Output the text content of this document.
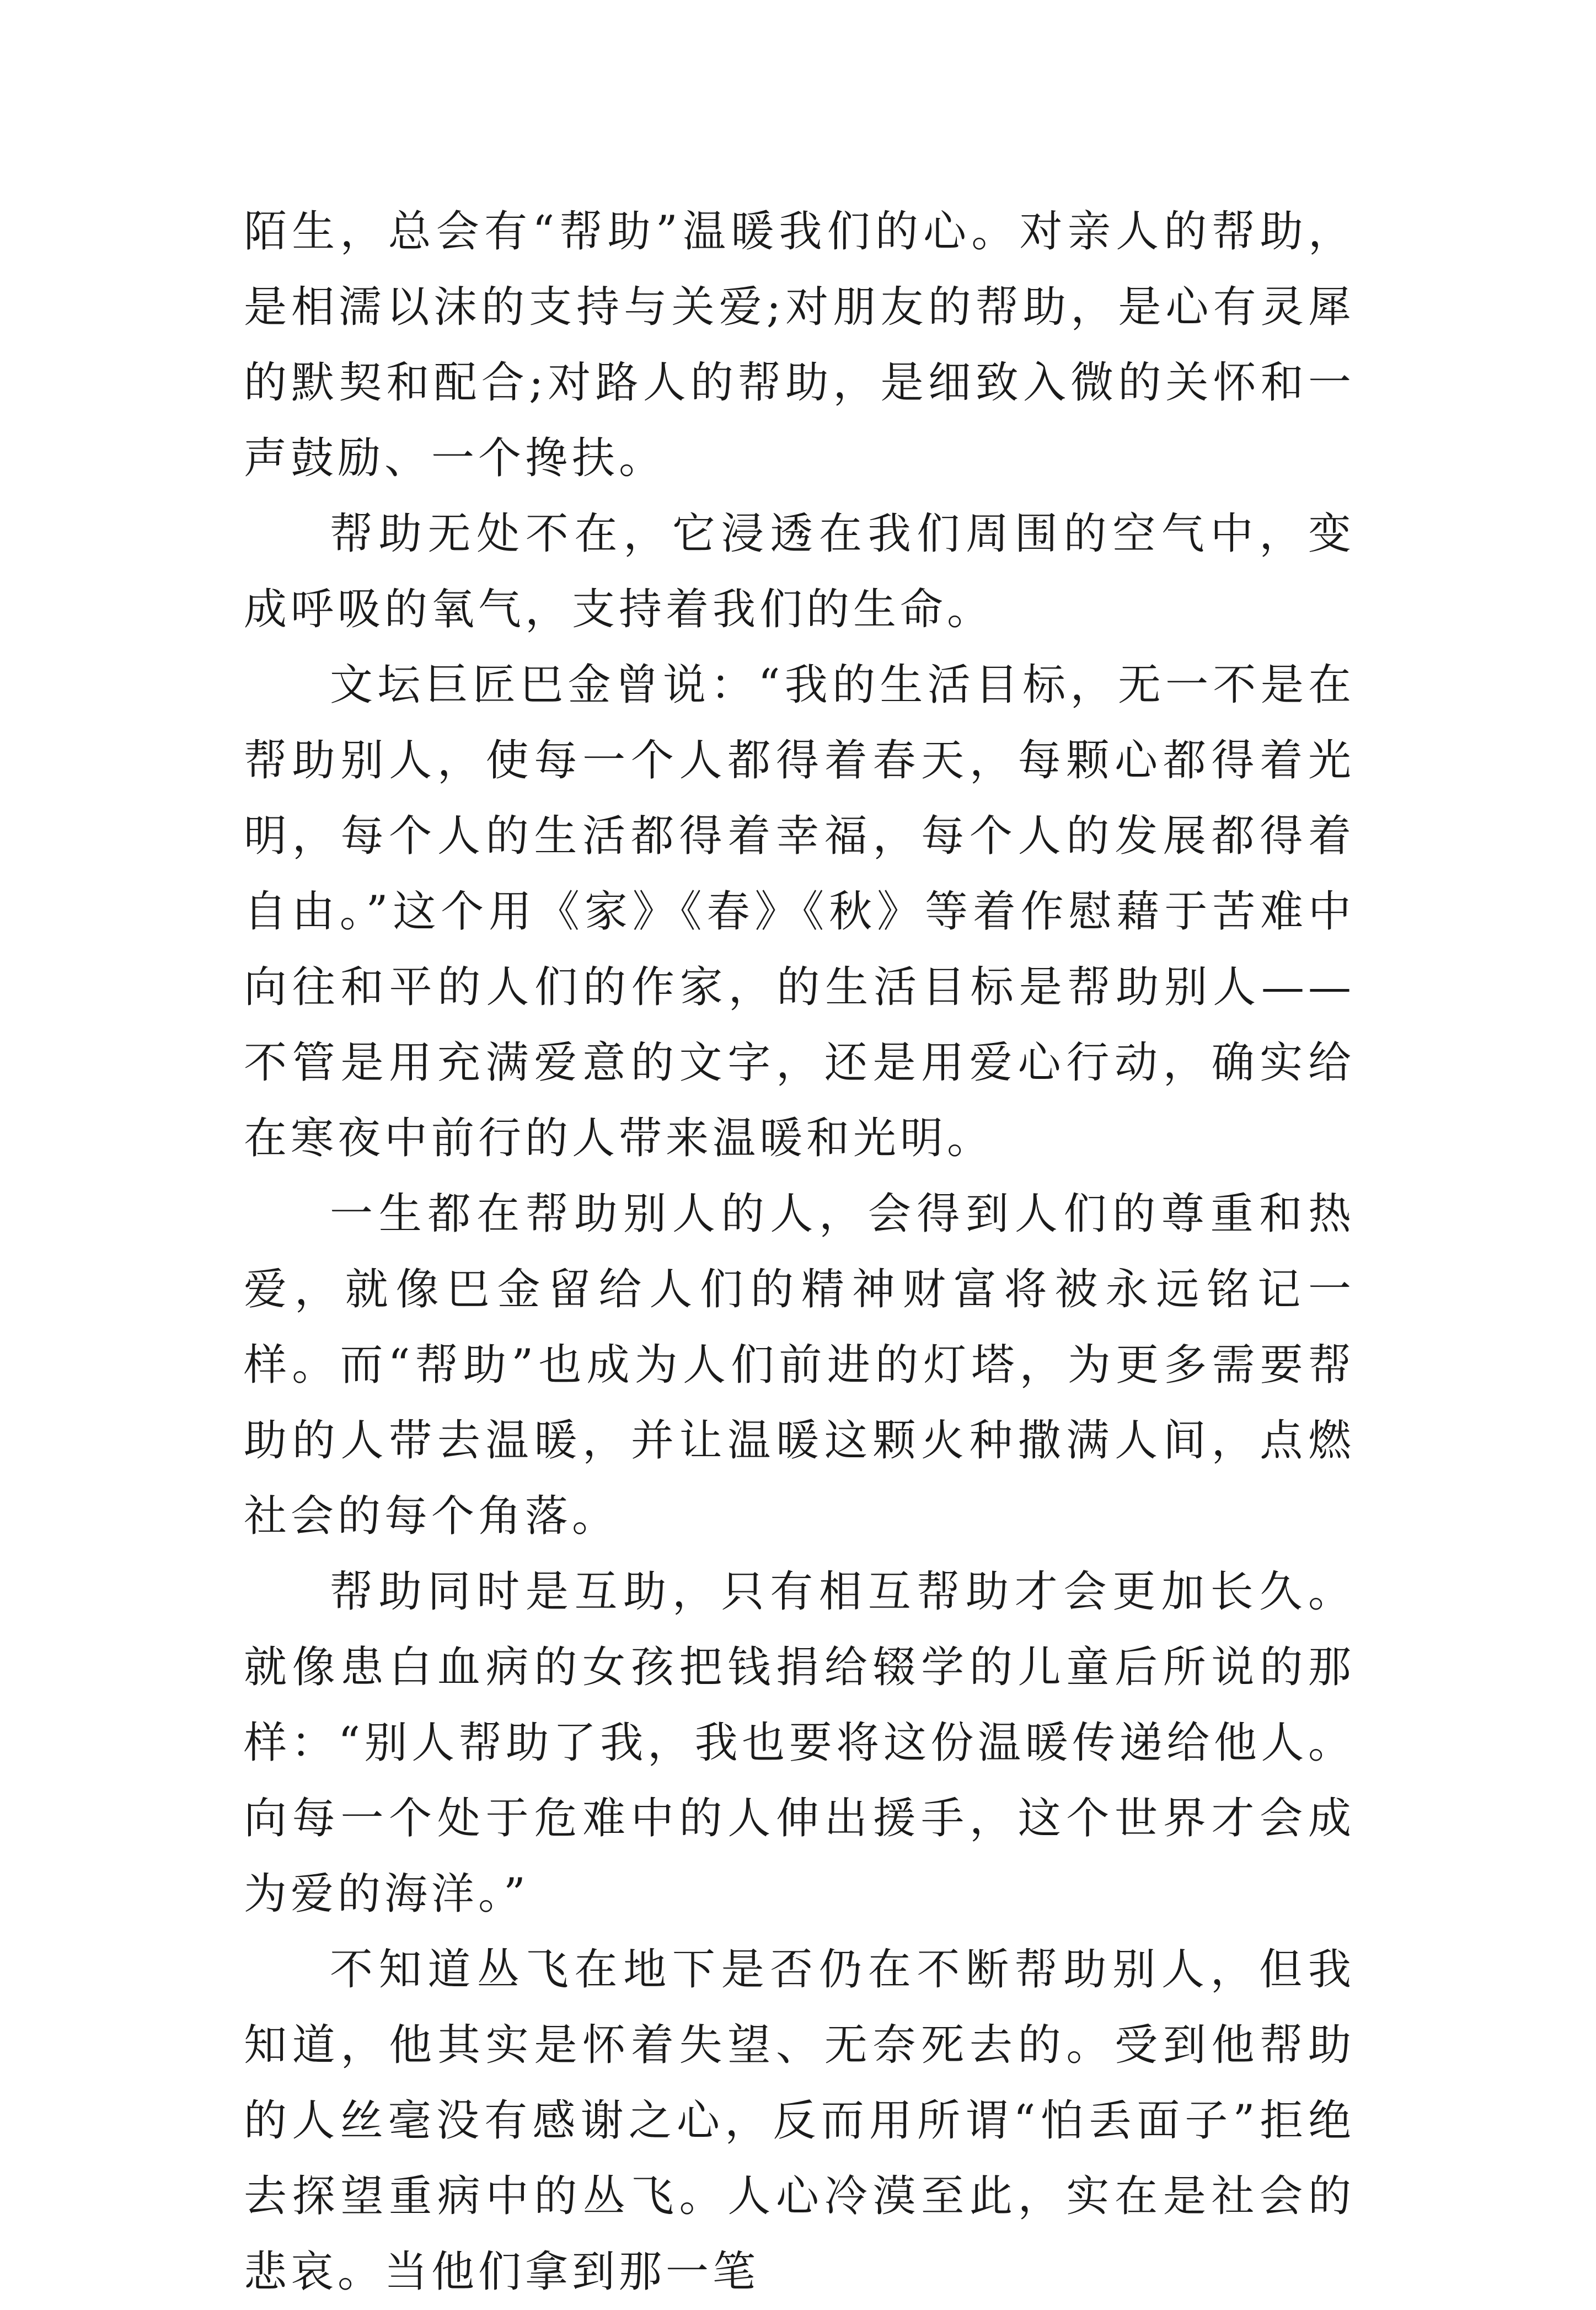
陌生，总会有“帮助”温暖我们的心。对亲人的帮助，是相濡以沫的支持与关爱;对朋友的帮助，是心有灵犀的默契和配合;对路人的帮助，是细致入微的关怀和一声鼓励、一个搀扶。

帮助无处不在，它浸透在我们周围的空气中，变成呼吸的氧气，支持着我们的生命。

文坛巨匠巴金曾说：“我的生活目标，无一不是在帮助别人，使每一个人都得着春天，每颗心都得着光明，每个人的生活都得着幸福，每个人的发展都得着自由。”这个用《家》《春》《秋》等着作慰藉于苦难中向往和平的人们的作家，的生活目标是帮助别人——不管是用充满爱意的文字，还是用爱心行动，确实给在寒夜中前行的人带来温暖和光明。

一生都在帮助别人的人，会得到人们的尊重和热爱，就像巴金留给人们的精神财富将被永远铭记一样。而“帮助”也成为人们前进的灯塔，为更多需要帮助的人带去温暖，并让温暖这颗火种撒满人间，点燃社会的每个角落。

帮助同时是互助，只有相互帮助才会更加长久。就像患白血病的女孩把钱捐给辍学的儿童后所说的那样：“别人帮助了我，我也要将这份温暖传递给他人。向每一个处于危难中的人伸出援手，这个世界才会成为爱的海洋。”

不知道丛飞在地下是否仍在不断帮助别人，但我知道，他其实是怀着失望、无奈死去的。受到他帮助的人丝毫没有感谢之心，反而用所谓“怕丢面子”拒绝去探望重病中的丛飞。人心冷漠至此，实在是社会的悲哀。当他们拿到那一笔
